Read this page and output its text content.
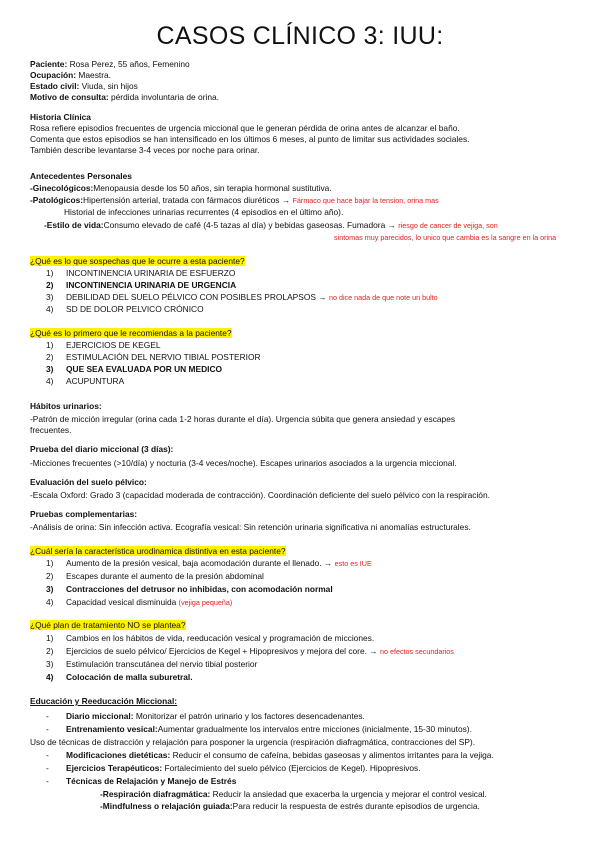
CASOS CLÍNICO 3: IUU:
Paciente: Rosa Perez, 55 años, Femenino
Ocupación: Maestra.
Estado civil: Viuda, sin hijos
Motivo de consulta: pérdida involuntaria de orina.
Historia Clínica
Rosa refiere episodios frecuentes de urgencia miccional que le generan pérdida de orina antes de alcanzar el baño.
Comenta que estos episodios se han intensificado en los últimos 6 meses, al punto de limitar sus actividades sociales.
También describe levantarse 3-4 veces por noche para orinar.
Antecedentes Personales
-Ginecológicos:Menopausia desde los 50 años, sin terapia hormonal sustitutiva.
-Patológicos:Hipertensión arterial, tratada con fármacos diuréticos → Fármaco que hace bajar la tension, orina mas
Historial de infecciones urinarias recurrentes (4 episodios en el último año).
-Estilo de vida:Consumo elevado de café (4-5 tazas al día) y bebidas gaseosas. Fumadora → riesgo de cancer de vejiga, son
sintomas muy parecidos, lo unico que cambia es la sangre en la orina
¿Qué es lo que sospechas que le ocurre a esta paciente?
1) INCONTINENCIA URINARIA DE ESFUERZO
2) INCONTINENCIA URINARIA DE URGENCIA
3) DEBILIDAD DEL SUELO PÉLVICO CON POSIBLES PROLAPSOS → no dice nada de que note un bulto
4) SD DE DOLOR PELVICO CRÓNICO
¿Qué es lo primero que le recomiendas a la paciente?
1) EJERCICIOS DE KEGEL
2) ESTIMULACIÓN DEL NERVIO TIBIAL POSTERIOR
3) QUE SEA EVALUADA POR UN MEDICO
4) ACUPUNTURA
Hábitos urinarios:
-Patrón de micción irregular (orina cada 1-2 horas durante el día). Urgencia súbita que genera ansiedad y escapes
frecuentes.
Prueba del diario miccional (3 días):
-Micciones frecuentes (>10/día) y nocturia (3-4 veces/noche). Escapes urinarios asociados a la urgencia miccional.
Evaluación del suelo pélvico:
-Escala Oxford: Grado 3 (capacidad moderada de contracción). Coordinación deficiente del suelo pélvico con la respiración.
Pruebas complementarias:
-Análisis de orina: Sin infección activa. Ecografía vesical: Sin retención urinaria significativa ni anomalías estructurales.
¿Cuál sería la característica urodinamica distintiva en esta paciente?
1) Aumento de la presión vesical, baja acomodación durante el llenado. → esto es IUE
2) Escapes durante el aumento de la presión abdominal
3) Contracciones del detrusor no inhibidas, con acomodación normal
4) Capacidad vesical disminuida (vejiga pequeña)
¿Qué plan de tratamiento NO se plantea?
1) Cambios en los hábitos de vida, reeducación vesical y programación de micciones.
2) Ejercicios de suelo pélvico/ Ejercicios de Kegel + Hipopresivos y mejora del core. → no efectos secundarios
3) Estimulación transcutánea del nervio tibial posterior
4) Colocación de malla suburetral.
Educación y Reeducación Miccional:
- Diario miccional: Monitorizar el patrón urinario y los factores desencadenantes.
- Entrenamiento vesical:Aumentar gradualmente los intervalos entre micciones (inicialmente, 15-30 minutos).
Uso de técnicas de distracción y relajación para posponer la urgencia (respiración diafragmática, contracciones del SP).
- Modificaciones dietéticas: Reducir el consumo de cafeína, bebidas gaseosas y alimentos irritantes para la vejiga.
- Ejercicios Terapéuticos: Fortalecimiento del suelo pélvico (Ejercicios de Kegel). Hipopresivos.
- Técnicas de Relajación y Manejo de Estrés
-Respiración diafragmática: Reducir la ansiedad que exacerba la urgencia y mejorar el control vesical.
-Mindfulness o relajación guiada:Para reducir la respuesta de estrés durante episodios de urgencia.
